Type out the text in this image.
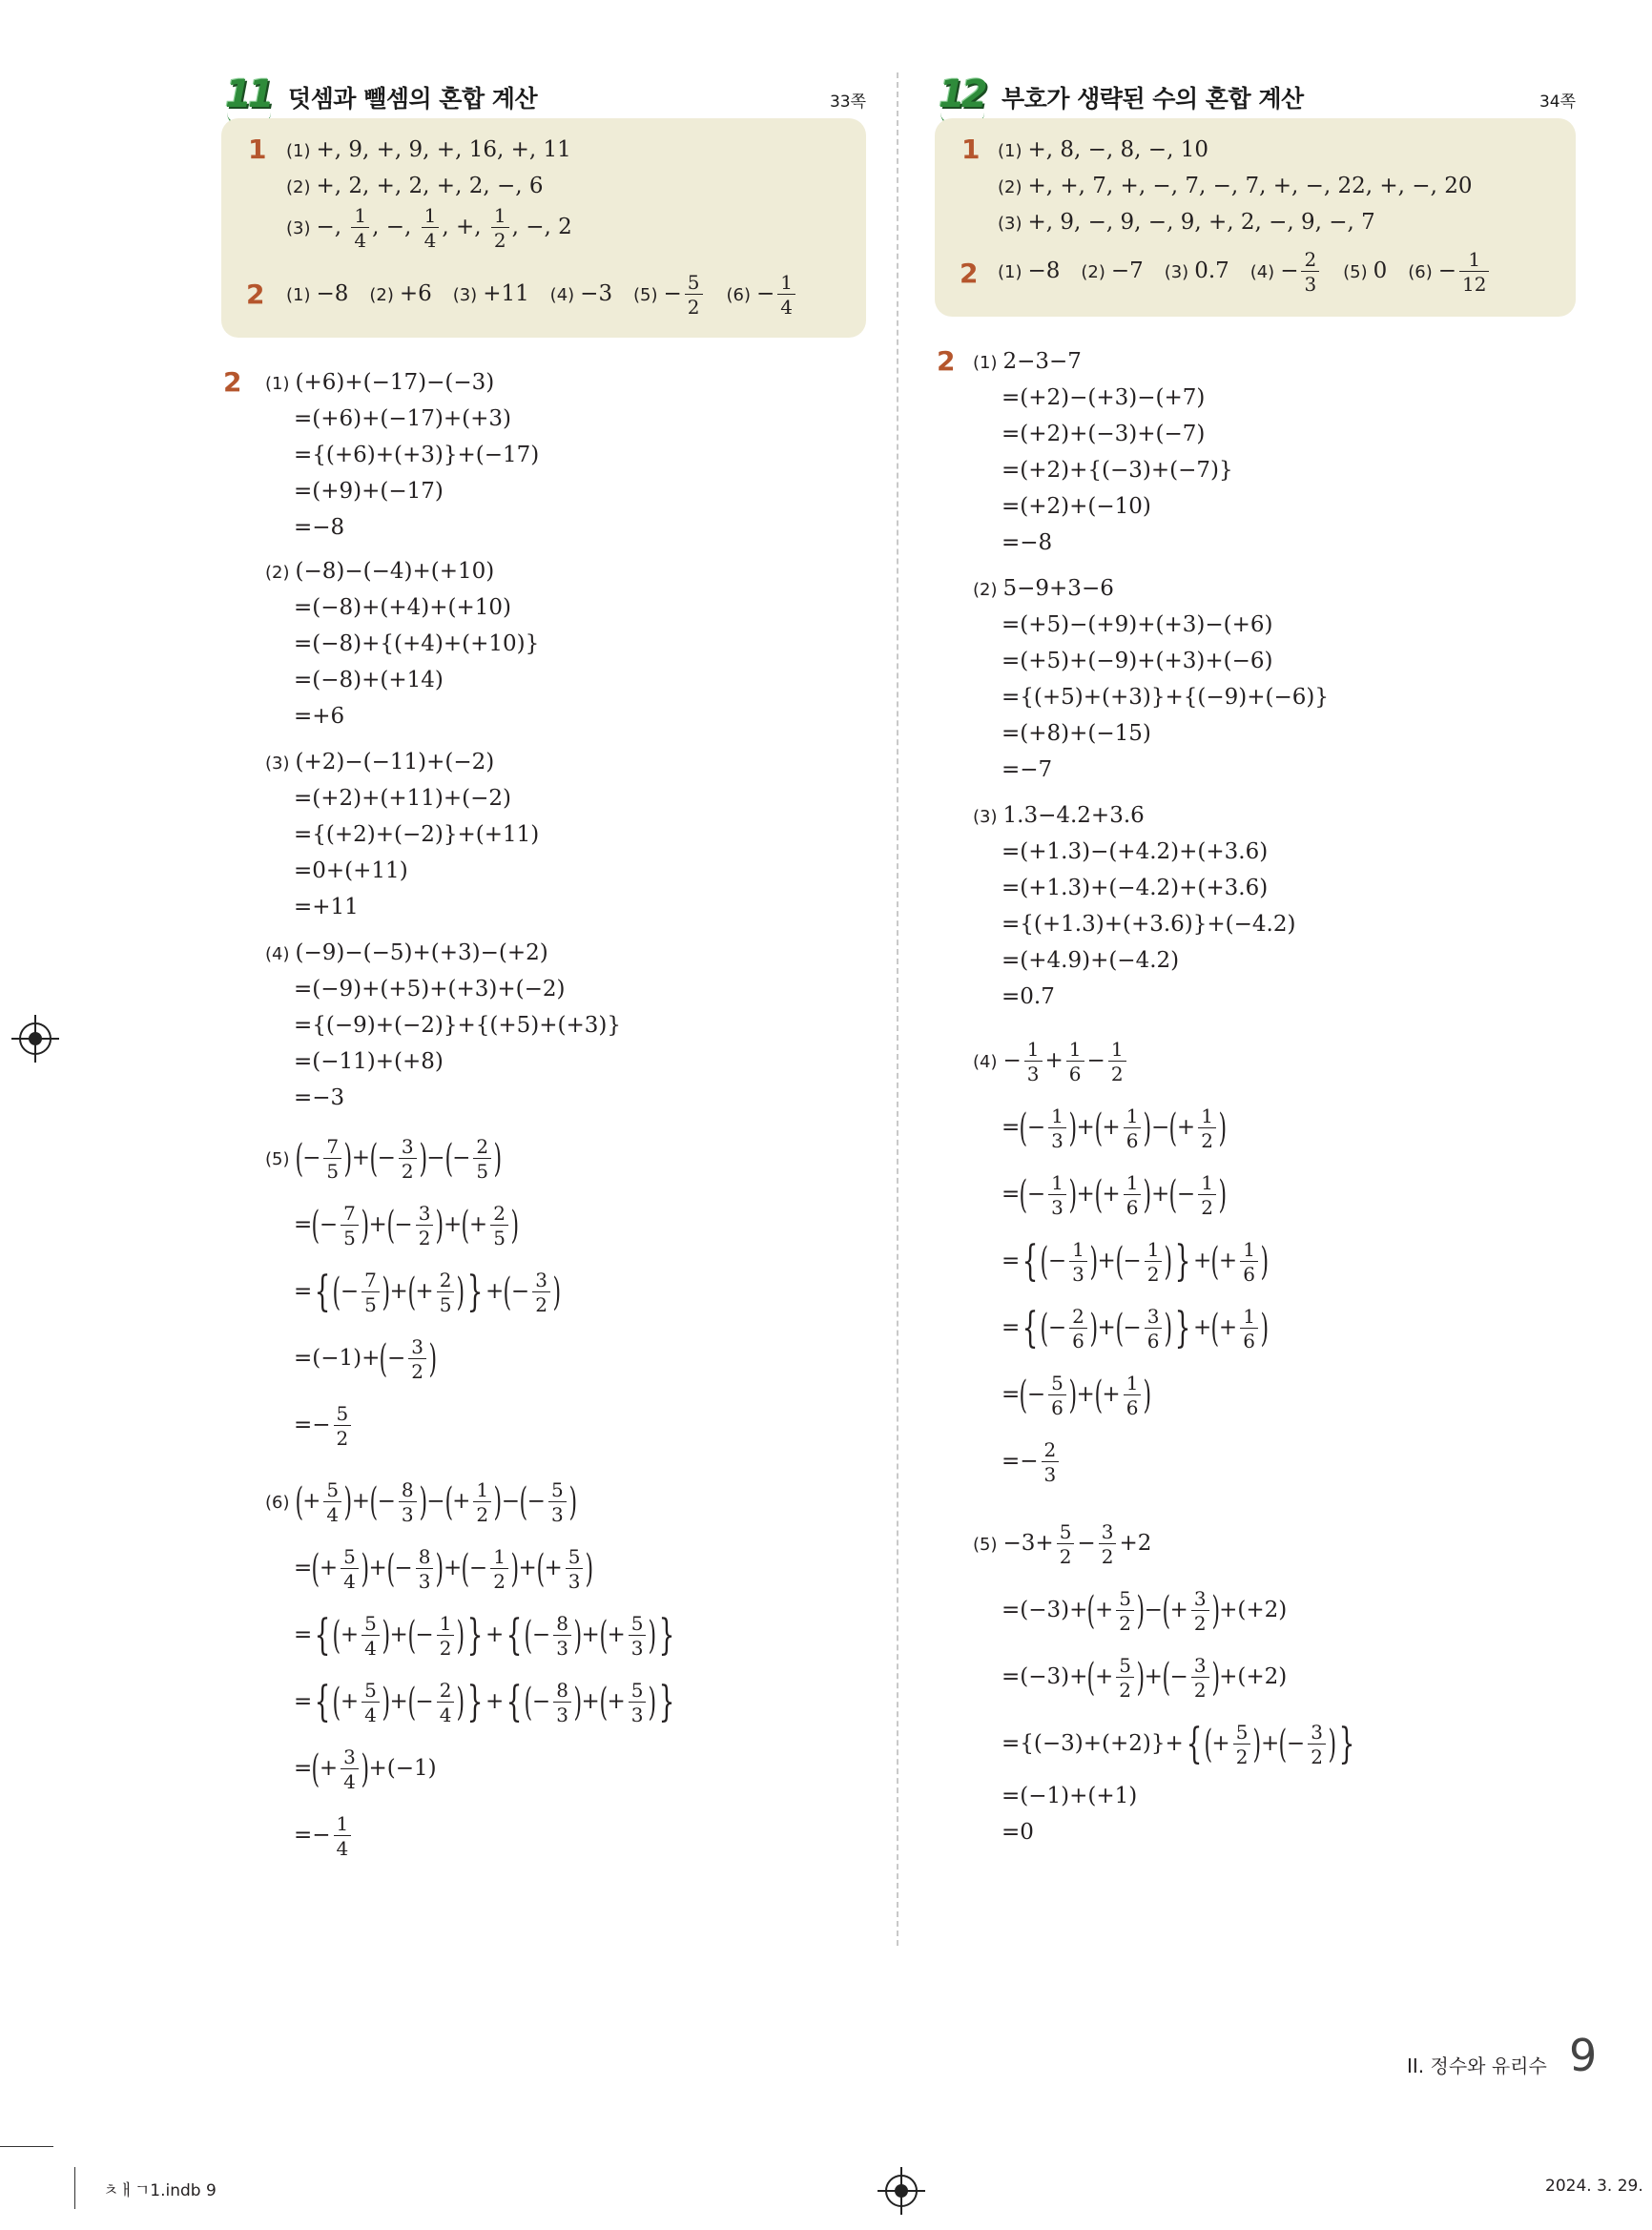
11 덧셈과 뺄셈의 혼합 계산	33쪽
1 (1) +, 9, +, 9, +, 16, +, 11
(2) +, 2, +, 2, +, 2, −, 6
(3) −, $\frac{1}{4}$ , −, $\frac{1}{4}$ , +, $\frac{1}{2}$ , −, 2
2 (1) −8   (2) +6   (3) +11   (4) −3   $(5) - \frac{5}{2} (6) - \frac{1}{4}$
2 (1) (+6)+(−17)−(−3)
=(+6)+(−17)+(+3)
={(+6)+(+3)}+(−17)
=(+9)+(−17)
=−8
(2) (−8)−(−4)+(+10)
=(−8)+(+4)+(+10)
=(−8)+{(+4)+(+10)}
=(−8)+(+14)
=+6
(3) (+2)−(−11)+(−2)
=(+2)+(+11)+(−2)
={(+2)+(−2)}+(+11)
=0+(+11)
=+11
(4) (−9)−(−5)+(+3)−(+2)
=(−9)+(+5)+(+3)+(−2)
={(−9)+(−2)}+{(+5)+(+3)}
=(−11)+(+8)
=−3
(5) (− $\frac{7}{5}$ )+(− $\frac{3}{2}$ )−(− $\frac{2}{5}$ )
=(− $\frac{7}{5}$ )+(− $\frac{3}{2}$ )+(+ $\frac{2}{5}$ )
={(− $\frac{7}{5}$ )+(+ $\frac{2}{5}$ )} +(− $\frac{3}{2}$ )
$=(-1)+(- \frac{3}{2}$ )
=− $\frac{5}{2}$
(6) (+ $\frac{5}{4}$ )+(− $\frac{8}{3}$ )−(+ $\frac{1}{2}$ )−(− $\frac{5}{3}$ )
=(+ $\frac{5}{4}$ )+(− $\frac{8}{3}$ )+(− $\frac{1}{2}$ )+(+ $\frac{5}{3}$ )
={(+ $\frac{5}{4}$ )+(− $\frac{1}{2}$ )} +{(− $\frac{8}{3}$ )+(+ $\frac{5}{3}$ )}
={(+ $\frac{5}{4}$ )+(− $\frac{2}{4}$ )} +{(− $\frac{8}{3}$ )+(+ $\frac{5}{3}$ )}
=(+ $\frac{3}{4} )+(-1)$
=− $\frac{1}{4}$
12 부호가 생략된 수의 혼합 계산	34쪽
1 (1) +, 8, −, 8, −, 10
(2) +, +, 7, +, −, 7, −, 7, +, −, 22, +, −, 20
(3) +, 9, −, 9, −, 9, +, 2, −, 9, −, 7
2 (1) −8   (2) −7   (3) 0.7   $(4) - \frac{2}{3} (5)$ 0   $(6) - \frac{1}{12}$
2 (1) 2−3−7
=(+2)−(+3)−(+7)
=(+2)+(−3)+(−7)
=(+2)+{(−3)+(−7)}
=(+2)+(−10)
=−8
(2) 5−9+3−6
=(+5)−(+9)+(+3)−(+6)
=(+5)+(−9)+(+3)+(−6)
={(+5)+(+3)}+{(−9)+(−6)}
=(+8)+(−15)
=−7
(3) 1.3−4.2+3.6
=(+1.3)−(+4.2)+(+3.6)
=(+1.3)+(−4.2)+(+3.6)
={(+1.3)+(+3.6)}+(−4.2)
=(+4.9)+(−4.2)
=0.7
$(4) - \frac{1}{3} + \frac{1}{6} - \frac{1}{2}$
=(− $\frac{1}{3}$ )+(+ $\frac{1}{6}$ )−(+ $\frac{1}{2}$ )
=(− $\frac{1}{3}$ )+(+ $\frac{1}{6}$ )+(− $\frac{1}{2}$ )
={(− $\frac{1}{3}$ )+(− $\frac{1}{2}$ )} +(+ $\frac{1}{6}$ )
={(− $\frac{2}{6}$ )+(− $\frac{3}{6}$ )} +(+ $\frac{1}{6}$ )
=(− $\frac{5}{6}$ )+(+ $\frac{1}{6}$ )
=− $\frac{2}{3}$
$(5) -3+ \frac{5}{2} - \frac{3}{2} +2$
$=(-3)+(+ \frac{5}{2}$ )−(+ $\frac{3}{2} )+(+2)$
$=(-3)+(+ \frac{5}{2}$ )+(− $\frac{3}{2} )+(+2)$
$=\{(-3)+(+2)\}+\{(+ \frac{5}{2}$ )+(− $\frac{3}{2}$ )}
=(−1)+(+1)
=0
II. 정수와 유리수 9
ㅊㅐㄱ1.indb 9	2024. 3. 29.
